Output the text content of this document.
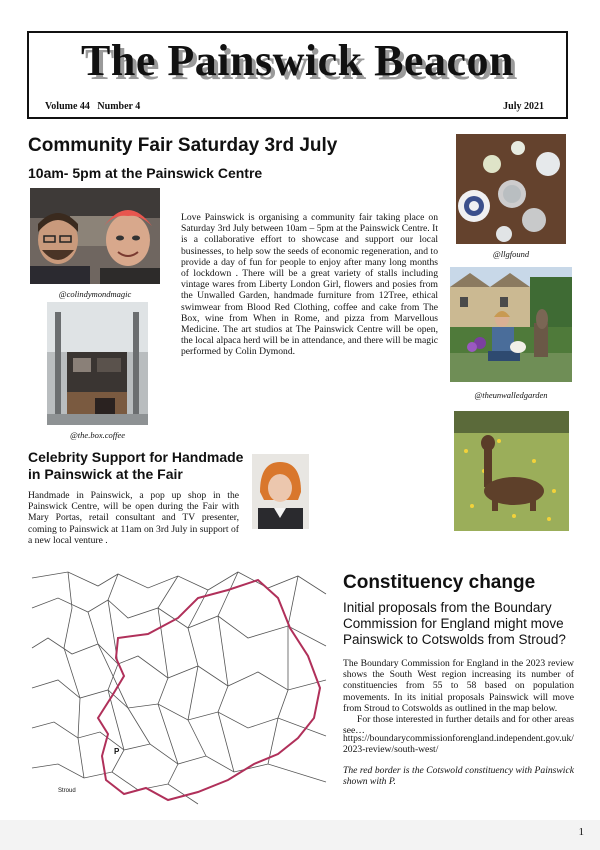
The Painswick Beacon
Volume 44   Number 4	July 2021
Community Fair Saturday 3rd July
10am- 5pm at the Painswick Centre
@colindymondmagic
@the.box.coffee
Love Painswick is organising a community fair taking place on Saturday 3rd July between 10am – 5pm at the Painswick Centre. It is a collaborative effort to showcase and support our local businesses, to help sow the seeds of economic regeneration, and to provide a day of fun for people to enjoy after many long months of lockdown . There will be a great variety of stalls including vintage wares from Liberty London Girl, flowers and posies from the Unwalled Garden, handmade furniture from 12Tree, ethical swimwear from Blood Red Clothing, coffee and cake from The Box, wine from When in Rome, and pizza from Marvellous Medicine. The art studios at The Painswick Centre will be open, the local alpaca herd will be in attendance, and there will be magic performed by Colin Dymond.
@llgfound
@theunwalledgarden
Celebrity Support for Handmade
in Painswick at the Fair
Handmade in Painswick, a pop up shop in the Painswick Centre, will be open during the Fair with Mary Portas, retail consultant and TV presenter, coming to Painswick at 11am on 3rd July in support of a new local venture .
P
Stroud
Constituency change
Initial proposals from the Boundary Commission for England might move Painswick to Cotswolds from Stroud?
The Boundary Commission for England in the 2023 review shows the South West region increasing its number of constituencies from 55 to 58 based on population movements. In its initial proposals Painswick will move from Stroud to Cotswolds as outlined in the map below.
For those interested in further details and for other areas see…
https://boundarycommissionforengland.independent.gov.uk/2023-review/south-west/
The red border is the Cotswold constituency with Painswick shown with P.
1
